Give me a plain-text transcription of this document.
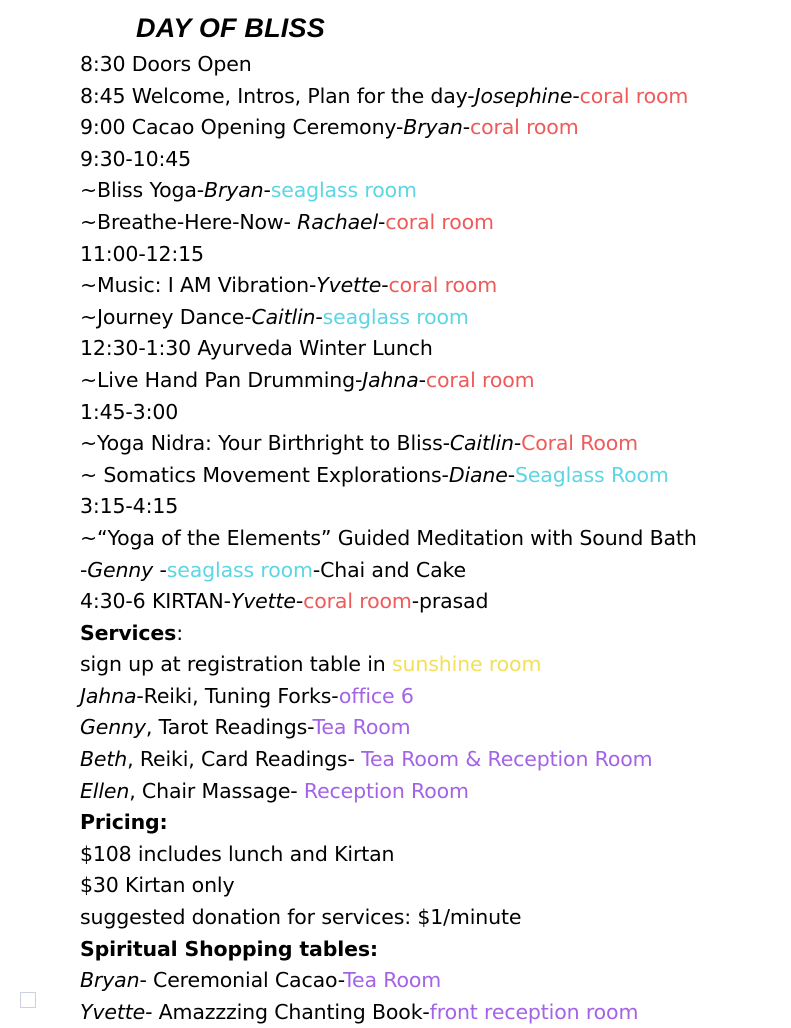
DAY OF BLISS
8:30 Doors Open
8:45 Welcome, Intros, Plan for the day-Josephine-coral room
9:00 Cacao Opening Ceremony-Bryan-coral room
9:30-10:45
~Bliss Yoga-Bryan-seaglass room
~Breathe-Here-Now- Rachael-coral room
11:00-12:15
~Music: I AM Vibration-Yvette-coral room
~Journey Dance-Caitlin-seaglass room
12:30-1:30 Ayurveda Winter Lunch
~Live Hand Pan Drumming-Jahna-coral room
1:45-3:00
~Yoga Nidra: Your Birthright to Bliss-Caitlin-Coral Room
~ Somatics Movement Explorations-Diane-Seaglass Room
3:15-4:15
~“Yoga of the Elements” Guided Meditation with Sound Bath
-Genny -seaglass room-Chai and Cake
4:30-6 KIRTAN-Yvette-coral room-prasad
Services:
sign up at registration table in sunshine room
Jahna-Reiki, Tuning Forks-office 6
Genny, Tarot Readings-Tea Room
Beth, Reiki, Card Readings- Tea Room & Reception Room
Ellen, Chair Massage- Reception Room
Pricing:
$108 includes lunch and Kirtan
$30 Kirtan only
suggested donation for services: $1/minute
Spiritual Shopping tables:
Bryan- Ceremonial Cacao-Tea Room
Yvette- Amazzzing Chanting Book-front reception room
